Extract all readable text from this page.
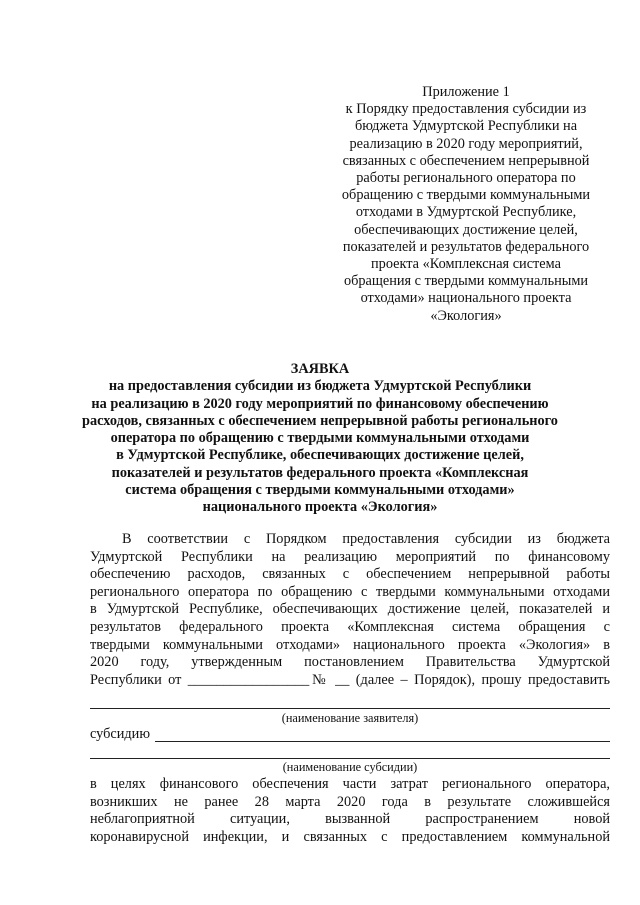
Приложение 1
к Порядку предоставления субсидии из
бюджета Удмуртской Республики на
реализацию в 2020 году мероприятий,
связанных с обеспечением непрерывной
работы регионального оператора по
обращению с твердыми коммунальными
отходами в Удмуртской Республике,
обеспечивающих достижение целей,
показателей и результатов федерального
проекта «Комплексная система
обращения с твердыми коммунальными
отходами» национального проекта
«Экология»
ЗАЯВКА
на предоставления субсидии из бюджета Удмуртской Республики
на реализацию в 2020 году мероприятий по финансовому обеспечению
расходов, связанных с обеспечением непрерывной работы регионального
оператора по обращению с твердыми коммунальными отходами
в Удмуртской Республике, обеспечивающих достижение целей,
показателей и результатов федерального проекта «Комплексная
система обращения с твердыми коммунальными отходами»
национального проекта «Экология»
В соответствии с Порядком предоставления субсидии из бюджета
Удмуртской Республики на реализацию мероприятий по финансовому
обеспечению расходов, связанных с обеспечением непрерывной работы
регионального оператора по обращению с твердыми коммунальными отходами
в Удмуртской Республике, обеспечивающих достижение целей, показателей и
результатов федерального проекта «Комплексная система обращения с
твердыми коммунальными отходами» национального проекта «Экология» в
2020 году, утвержденным постановлением Правительства Удмуртской
Республики от _________________№ __ (далее – Порядок), прошу предоставить
(наименование заявителя)
субсидию
(наименование субсидии)
в целях финансового обеспечения части затрат регионального оператора,
возникших не ранее 28 марта 2020 года в результате сложившейся
неблагоприятной ситуации, вызванной распространением новой
коронавирусной инфекции, и связанных с предоставлением коммунальной
